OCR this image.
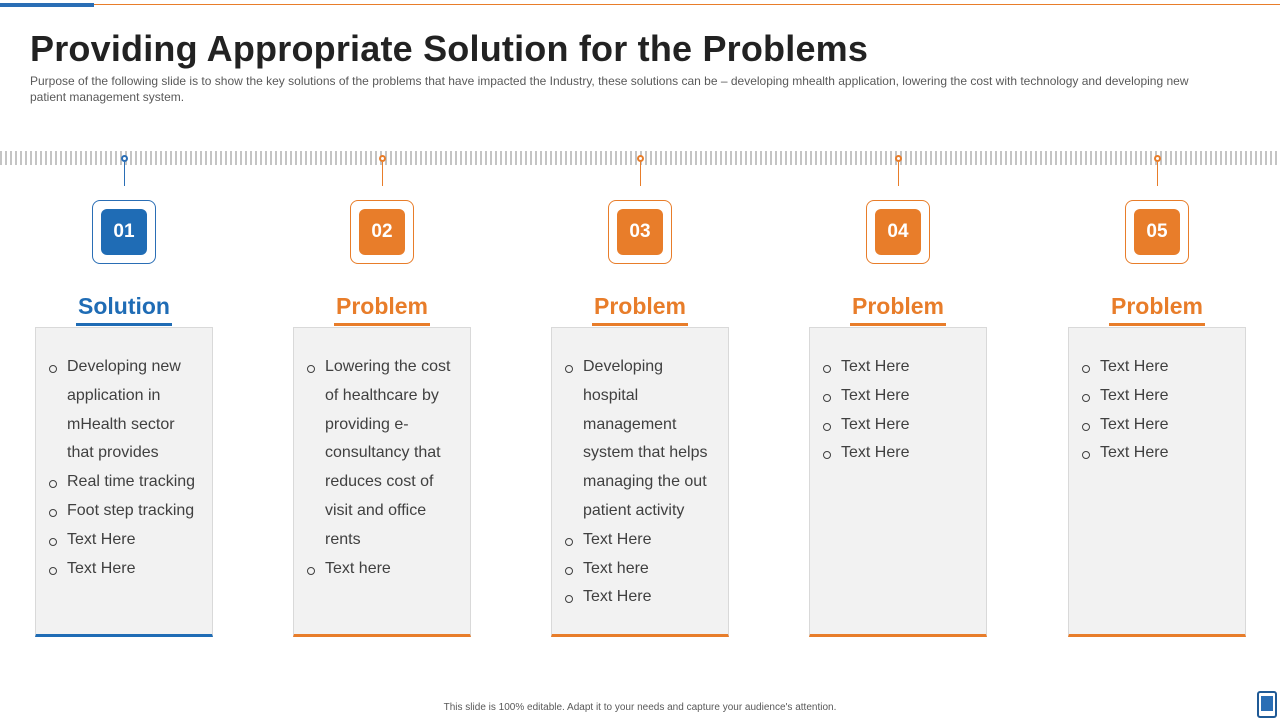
Providing Appropriate Solution for the Problems

Purpose of the following slide is to show the key solutions of the problems that have impacted the Industry, these solutions can be – developing mhealth application, lowering the cost with technology and developing new patient management system.

01
Solution
Developing new application in mHealth sector that provides
Real time tracking
Foot step tracking
Text Here
Text Here
02
Problem
Lowering the cost of healthcare by providing e-consultancy that reduces cost of visit and office rents
Text here
03
Problem
Developing hospital management system that helps managing the out patient activity
Text Here
Text here
Text Here
04
Problem
Text Here
Text Here
Text Here
Text Here
05
Problem
Text Here
Text Here
Text Here
Text Here
This slide is 100% editable. Adapt it to your needs and capture your audience's attention.
